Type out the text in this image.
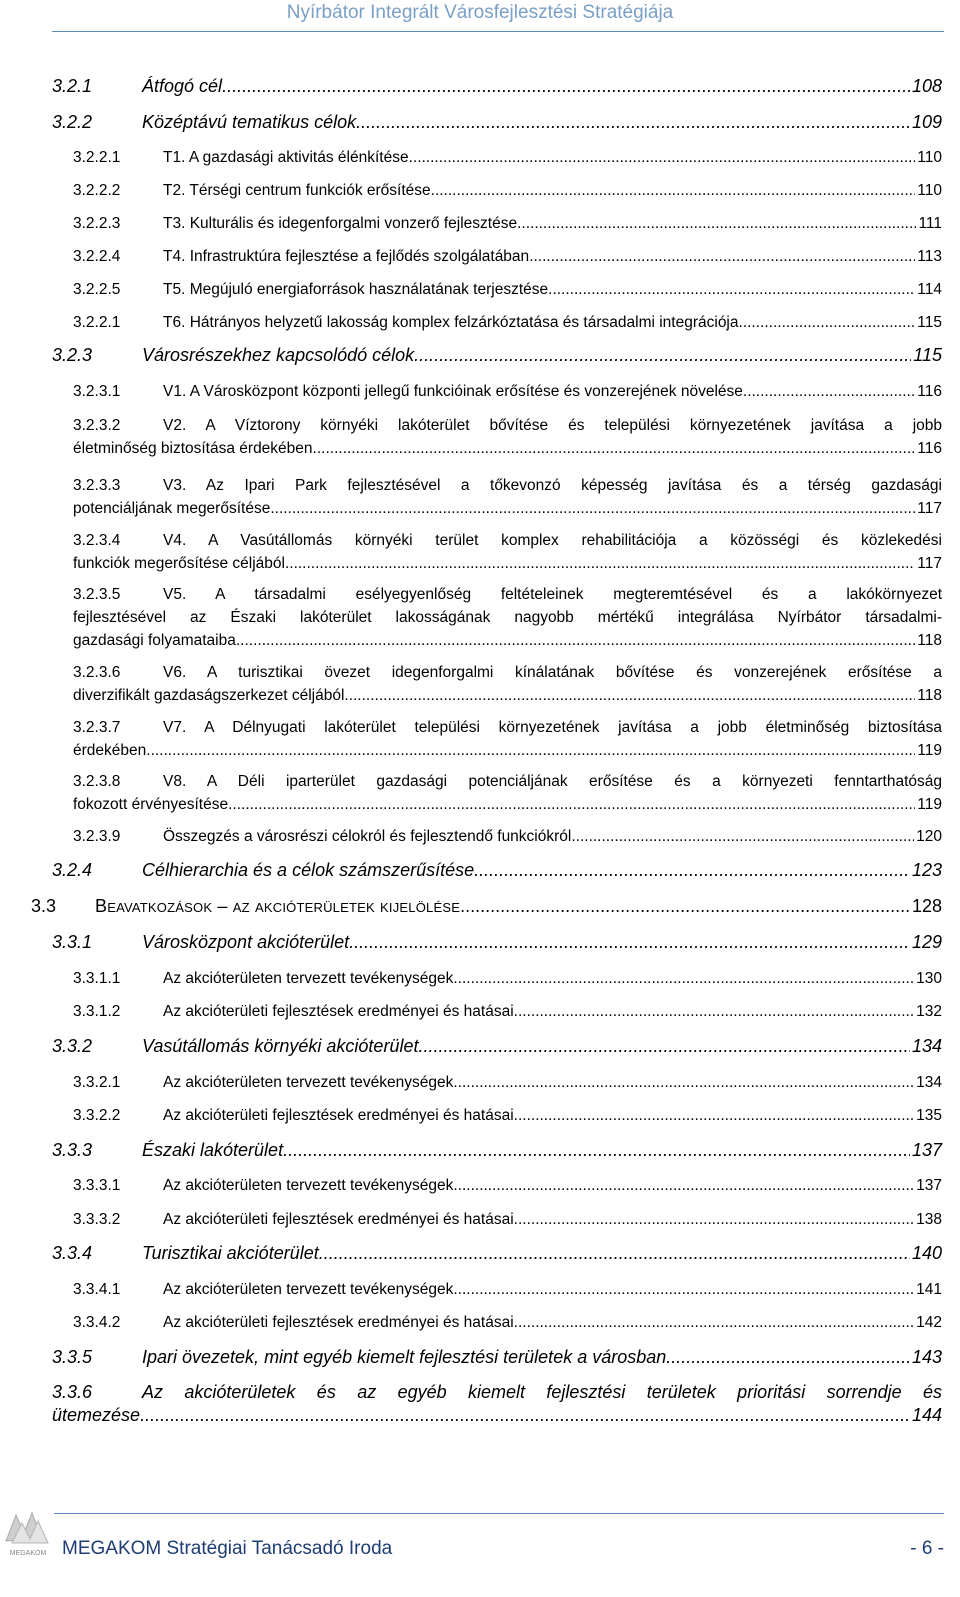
Nyírbátor Integrált Városfejlesztési Stratégiája
3.2.1	Átfogó cél .....	108
3.2.2	Középtávú tematikus célok .....	109
3.2.2.1	T1. A gazdasági aktivitás élénkítése .....	110
3.2.2.2	T2. Térségi centrum funkciók erősítése .....	110
3.2.2.3	T3. Kulturális és idegenforgalmi vonzerő fejlesztése .....	111
3.2.2.4	T4. Infrastruktúra fejlesztése a fejlődés szolgálatában .....	113
3.2.2.5	T5. Megújuló energiaforrások használatának terjesztése .....	114
3.2.2.1	T6. Hátrányos helyzetű lakosság komplex felzárkóztatása és társadalmi integrációja .....	115
3.2.3	Városrészekhez kapcsolódó célok .....	115
3.2.3.1	V1. A Városközpont központi jellegű funkcióinak erősítése és vonzerejének növelése .....	116
3.2.3.2	V2. A Víztorony környéki lakóterület bővítése és települési környezetének javítása a jobb
életminőség biztosítása érdekében .....	116
3.2.3.3	V3. Az Ipari Park fejlesztésével a tőkevonzó képesség javítása és a térség gazdasági
potenciáljának megerősítése .....	117
3.2.3.4	V4. A Vasútállomás környéki terület komplex rehabilitációja a közösségi és közlekedési
funkciók megerősítése céljából .....	117
3.2.3.5	V5. A társadalmi esélyegyenlőség feltételeinek megteremtésével és a lakókörnyezet
fejlesztésével az Északi lakóterület lakosságának nagyobb mértékű integrálása Nyírbátor társadalmi-
gazdasági folyamataiba .....	118
3.2.3.6	V6. A turisztikai övezet idegenforgalmi kínálatának bővítése és vonzerejének erősítése a
diverzifikált gazdaságszerkezet céljából .....	118
3.2.3.7	V7. A Délnyugati lakóterület települési környezetének javítása a jobb életminőség biztosítása
érdekében .....	119
3.2.3.8	V8. A Déli iparterület gazdasági potenciáljának erősítése és a környezeti fenntarthatóság
fokozott érvényesítése .....	119
3.2.3.9	Összegzés a városrészi célokról és fejlesztendő funkciókról .....	120
3.2.4	Célhierarchia és a célok számszerűsítése .....	123
3.3	Beavatkozások – az akcióterületek kijelölése .....	128
3.3.1	Városközpont akcióterület .....	129
3.3.1.1	Az akcióterületen tervezett tevékenységek .....	130
3.3.1.2	Az akcióterületi fejlesztések eredményei és hatásai .....	132
3.3.2	Vasútállomás környéki akcióterület .....	134
3.3.2.1	Az akcióterületen tervezett tevékenységek .....	134
3.3.2.2	Az akcióterületi fejlesztések eredményei és hatásai .....	135
3.3.3	Északi lakóterület .....	137
3.3.3.1	Az akcióterületen tervezett tevékenységek .....	137
3.3.3.2	Az akcióterületi fejlesztések eredményei és hatásai .....	138
3.3.4	Turisztikai akcióterület .....	140
3.3.4.1	Az akcióterületen tervezett tevékenységek .....	141
3.3.4.2	Az akcióterületi fejlesztések eredményei és hatásai .....	142
3.3.5	Ipari övezetek, mint egyéb kiemelt fejlesztési területek a városban .....	143
3.3.6	Az akcióterületek és az egyéb kiemelt fejlesztési területek prioritási sorrendje és
ütemezése .....	144
MEGAKOM MEGAKOM Stratégiai Tanácsadó Iroda	- 6 -
